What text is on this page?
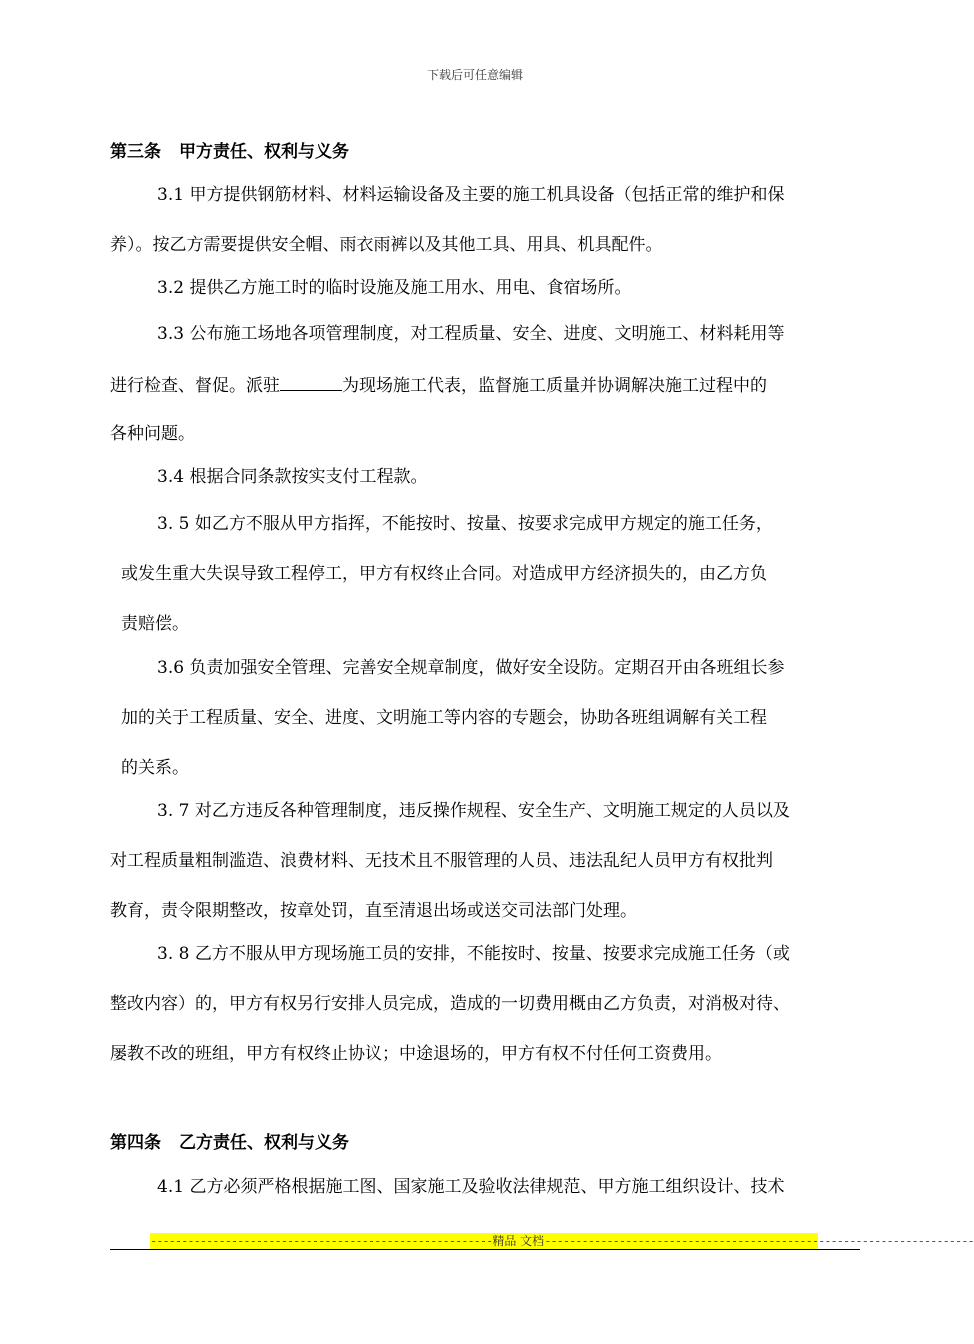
下载后可任意编辑
第三条 甲方责任、权利与义务
3.1 甲方提供钢筋材料、材料运输设备及主要的施工机具设备（包括正常的维护和保
养）。按乙方需要提供安全帽、雨衣雨裤以及其他工具、用具、机具配件。
3.2 提供乙方施工时的临时设施及施工用水、用电、食宿场所。
3.3 公布施工场地各项管理制度，对工程质量、安全、进度、文明施工、材料耗用等
进行检查、督促。派驻	为现场施工代表，监督施工质量并协调解决施工过程中的
各种问题。
3.4 根据合同条款按实支付工程款。
3. 5 如乙方不服从甲方指挥，不能按时、按量、按要求完成甲方规定的施工任务，
或发生重大失误导致工程停工，甲方有权终止合同。对造成甲方经济损失的，由乙方负
责赔偿。
3.6 负责加强安全管理、完善安全规章制度，做好安全设防。定期召开由各班组长参
加的关于工程质量、安全、进度、文明施工等内容的专题会，协助各班组调解有关工程
的关系。
3. 7 对乙方违反各种管理制度，违反操作规程、安全生产、文明施工规定的人员以及
对工程质量粗制滥造、浪费材料、无技术且不服管理的人员、违法乱纪人员甲方有权批判
教育，责令限期整改，按章处罚，直至清退出场或送交司法部门处理。
3. 8 乙方不服从甲方现场施工员的安排，不能按时、按量、按要求完成施工任务（或
整改内容）的，甲方有权另行安排人员完成，造成的一切费用概由乙方负责，对消极对待、
屡教不改的班组，甲方有权终止协议；中途退场的，甲方有权不付任何工资费用。
第四条 乙方责任、权利与义务
4.1 乙方必须严格根据施工图、国家施工及验收法律规范、甲方施工组织设计、技术
-------------------------------------------------------精品 文档---------------------------------------------------------------------
